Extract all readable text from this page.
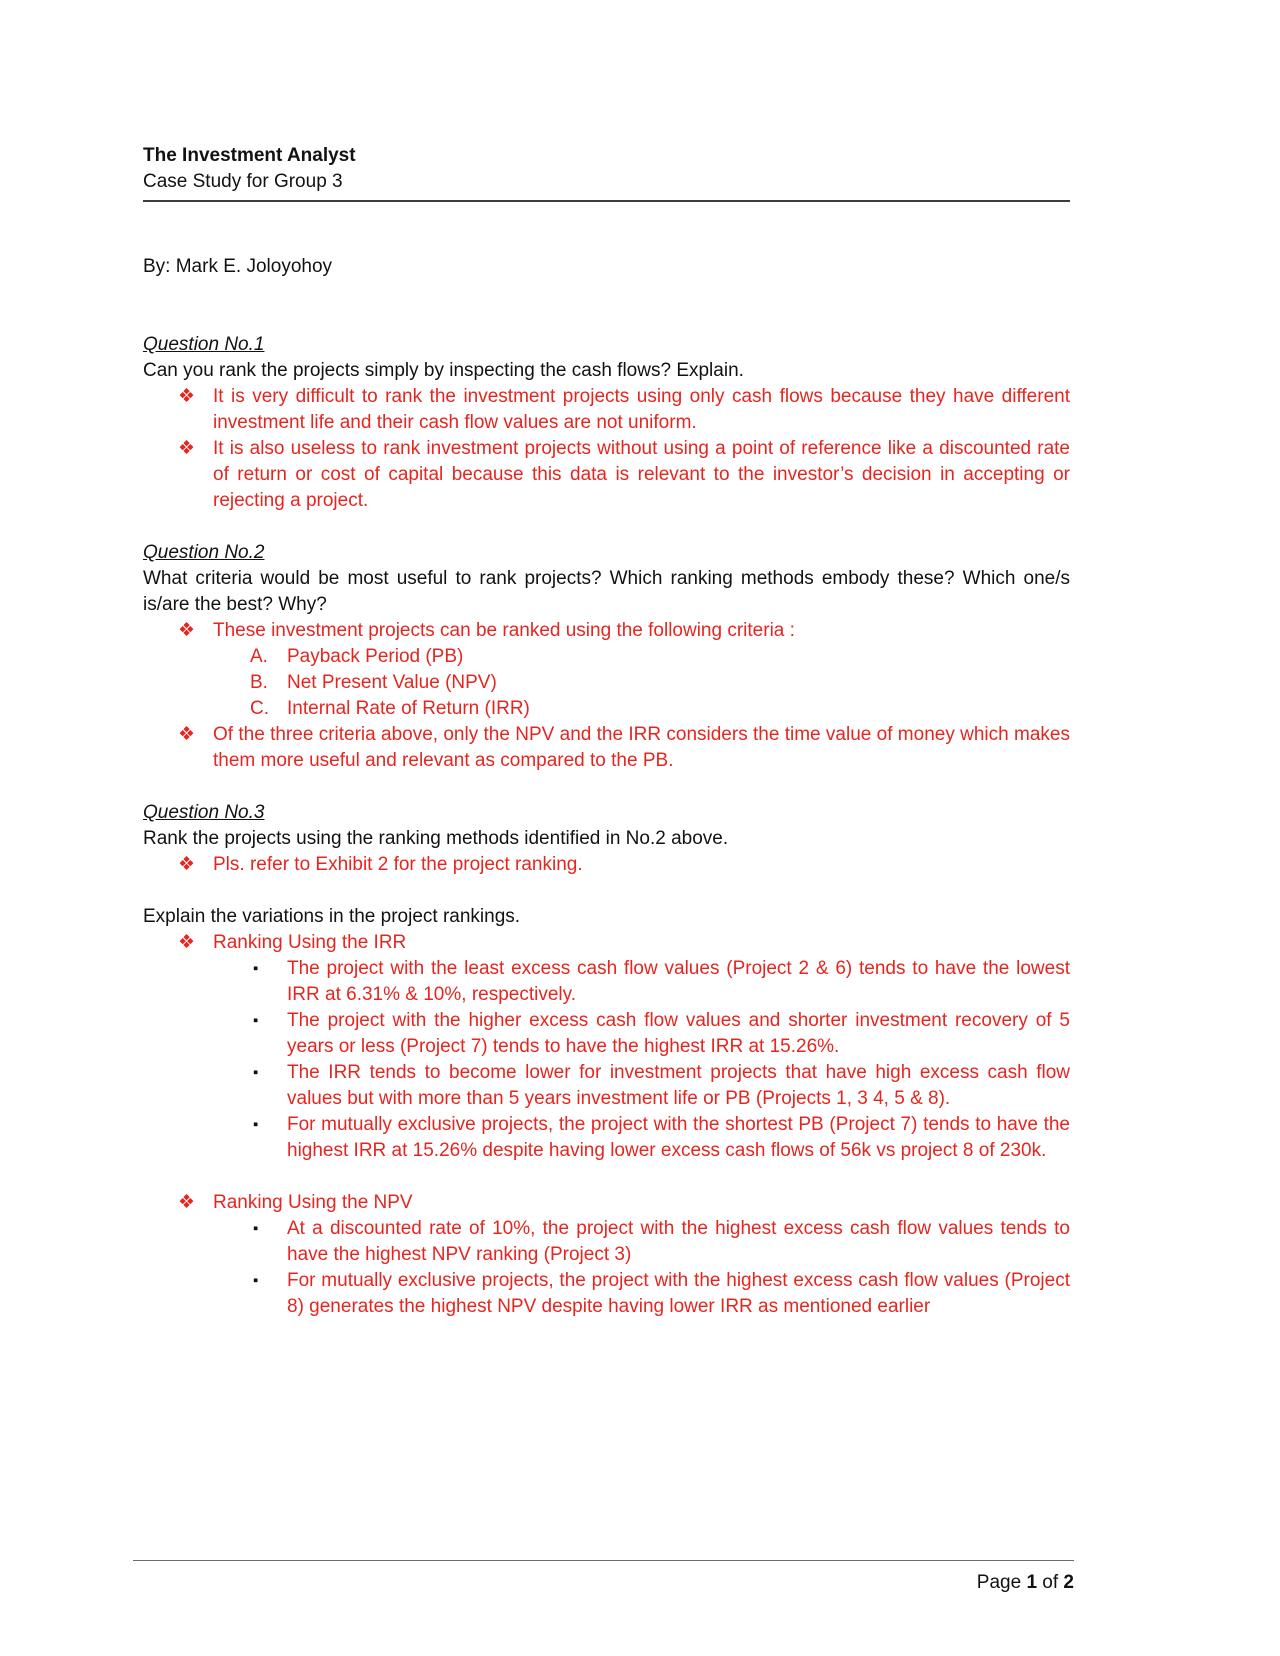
The Investment Analyst
Case Study for Group 3

By: Mark E. Joloyohoy

Question No.1

Can you rank the projects simply by inspecting the cash flows? Explain.

❖ It is very difficult to rank the investment projects using only cash flows because they have different investment life and their cash flow values are not uniform.

❖ It is also useless to rank investment projects without using a point of reference like a discounted rate of return or cost of capital because this data is relevant to the investor’s decision in accepting or rejecting a project.

Question No.2

What criteria would be most useful to rank projects? Which ranking methods embody these? Which one/s is/are the best? Why?

❖ These investment projects can be ranked using the following criteria :

A.	Payback Period (PB)
B.	Net Present Value (NPV)
C. Internal Rate of Return (IRR)
❖ Of the three criteria above, only the NPV and the IRR considers the time value of money which makes them more useful and relevant as compared to the PB.

Question No.3

Rank the projects using the ranking methods identified in No.2 above.

❖ Pls. refer to Exhibit 2 for the project ranking.

Explain the variations in the project rankings.

❖ Ranking Using the IRR

▪	The project with the least excess cash flow values (Project 2 & 6) tends to have the lowest IRR at 6.31% & 10%, respectively.

▪	The project with the higher excess cash flow values and shorter investment recovery of 5 years or less (Project 7) tends to have the highest IRR at 15.26%.

▪	The IRR tends to become lower for investment projects that have high excess cash flow values but with more than 5 years investment life or PB (Projects 1, 3 4, 5 & 8).

▪	For mutually exclusive projects, the project with the shortest PB (Project 7) tends to have the highest IRR at 15.26% despite having lower excess cash flows of 56k vs project 8 of 230k.

❖ Ranking Using the NPV

▪	At a discounted rate of 10%, the project with the highest excess cash flow values tends to have the highest NPV ranking (Project 3)

▪	For mutually exclusive projects, the project with the highest excess cash flow values (Project 8) generates the highest NPV despite having lower IRR as mentioned earlier

Page 1 of 2
